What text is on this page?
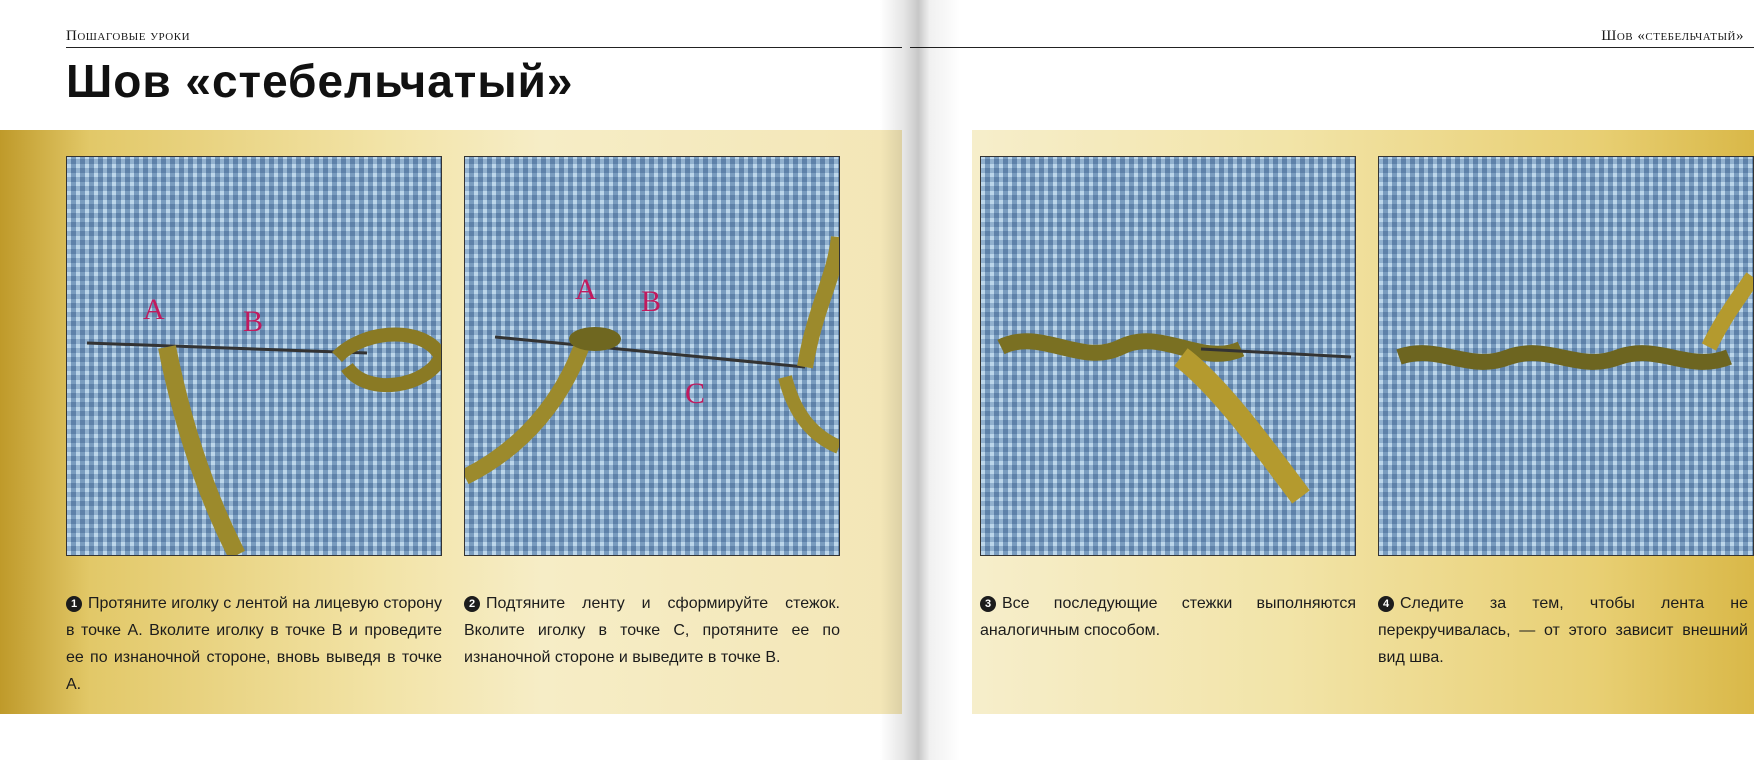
Пошаговые уроки
Шов «стебельчатый»
A	B
A B
C

1 Протяните иголку с лентой на лицевую сторону в точке А. Вколите иголку в точке В и проведите ее по изнаночной стороне, вновь выведя в точке А.

2 Подтяните ленту и сформируйте стежок. Вколите иголку в точке С, протяните ее по изнаночной стороне и выведите в точке В.

Шов «стебельчатый»

3 Все последующие стежки выполняются аналогичным способом.

4 Следите за тем, чтобы лента не перекручивалась, — от этого зависит внешний вид шва.
